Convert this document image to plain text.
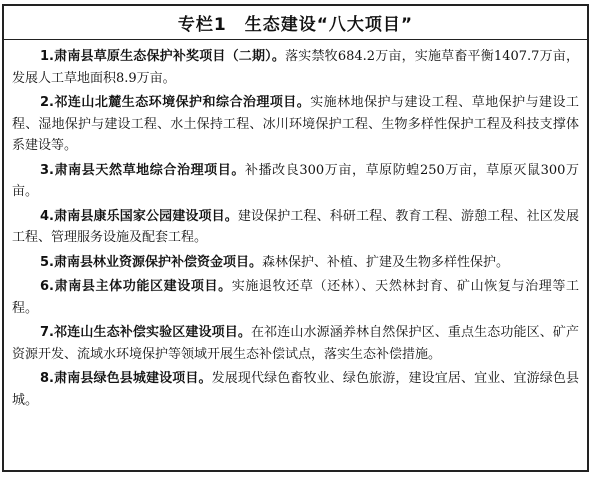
专栏1 生态建设“八大项目”

1.肃南县草原生态保护补奖项目（二期）。落实禁牧684.2万亩，实施草畜平衡1407.7万亩，发展人工草地面积8.9万亩。

2.祁连山北麓生态环境保护和综合治理项目。实施林地保护与建设工程、草地保护与建设工程、湿地保护与建设工程、水土保持工程、冰川环境保护工程、生物多样性保护工程及科技支撑体系建设等。

3.肃南县天然草地综合治理项目。补播改良300万亩，草原防蝗250万亩，草原灭鼠300万亩。

4.肃南县康乐国家公园建设项目。建设保护工程、科研工程、教育工程、游憩工程、社区发展工程、管理服务设施及配套工程。

5.肃南县林业资源保护补偿资金项目。森林保护、补植、扩建及生物多样性保护。

6.肃南县主体功能区建设项目。实施退牧还草（还林）、天然林封育、矿山恢复与治理等工程。

7.祁连山生态补偿实验区建设项目。在祁连山水源涵养林自然保护区、重点生态功能区、矿产资源开发、流域水环境保护等领域开展生态补偿试点，落实生态补偿措施。

8.肃南县绿色县城建设项目。发展现代绿色畜牧业、绿色旅游，建设宜居、宜业、宜游绿色县城。
